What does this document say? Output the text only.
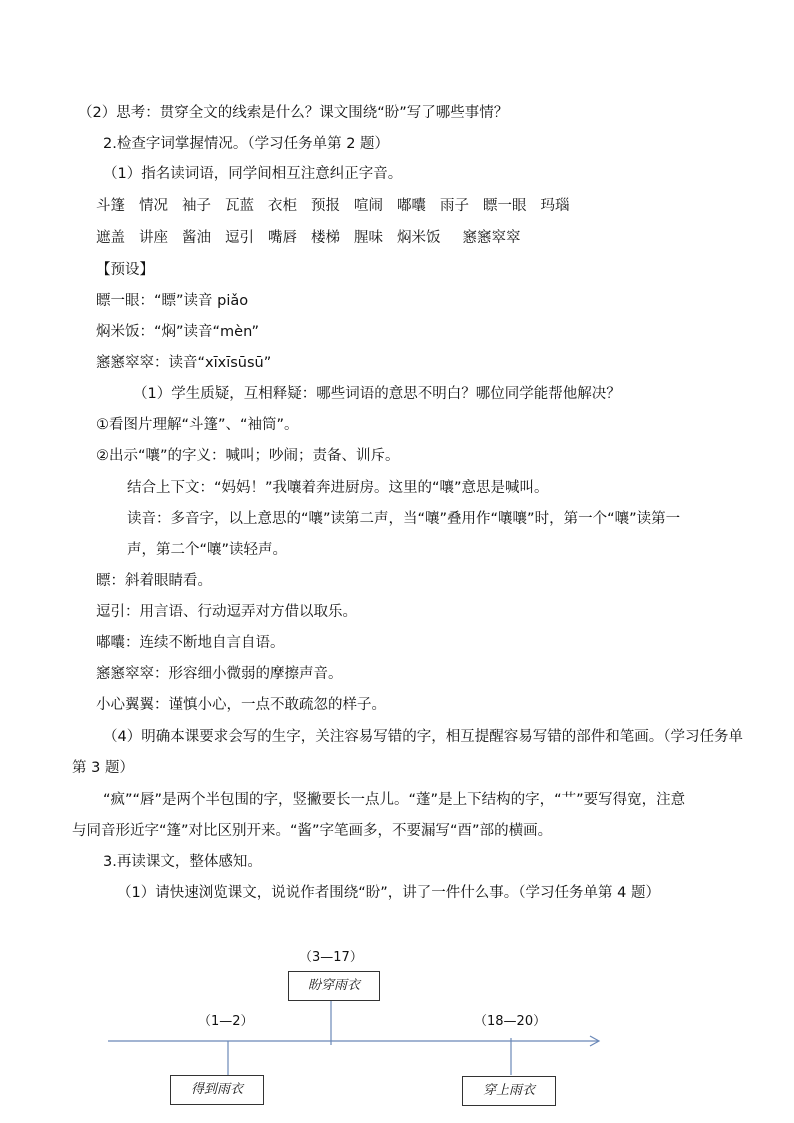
（2）思考：贯穿全文的线索是什么？课文围绕“盼”写了哪些事情？
2.检查字词掌握情况。（学习任务单第 2 题）
（1）指名读词语，同学间相互注意纠正字音。
斗篷 情况 袖子 瓦蓝 衣柜 预报 喧闹 嘟囔 雨子 瞟一眼 玛瑙
遮盖 讲座 酱油 逗引 嘴唇 楼梯 腥味 焖米饭 窸窸窣窣
【预设】
瞟一眼：“瞟”读音 piǎo
焖米饭：“焖”读音“mèn”
窸窸窣窣：读音“xīxīsūsū”
（1）学生质疑，互相释疑：哪些词语的意思不明白？哪位同学能帮他解决？
①看图片理解“斗篷”、“袖筒”。
②出示“嚷”的字义：喊叫；吵闹；责备、训斥。
结合上下文：“妈妈！”我嚷着奔进厨房。这里的“嚷”意思是喊叫。
读音：多音字，以上意思的“嚷”读第二声，当“嚷”叠用作“嚷嚷”时，第一个“嚷”读第一
声，第二个“嚷”读轻声。
瞟：斜着眼睛看。
逗引：用言语、行动逗弄对方借以取乐。
嘟囔：连续不断地自言自语。
窸窸窣窣：形容细小微弱的摩擦声音。
小心翼翼：谨慎小心，一点不敢疏忽的样子。
（4）明确本课要求会写的生字，关注容易写错的字，相互提醒容易写错的部件和笔画。（学习任务单
第 3 题）
“疯”“唇”是两个半包围的字，竖撇要长一点儿。“蓬”是上下结构的字，“艹”要写得宽，注意
与同音形近字“篷”对比区别开来。“酱”字笔画多，不要漏写“酉”部的横画。
3.再读课文，整体感知。
（1）请快速浏览课文，说说作者围绕“盼”，讲了一件什么事。（学习任务单第 4 题）
（3—17）
盼穿雨衣
（1—2）	（18—20）
得到雨衣	穿上雨衣
